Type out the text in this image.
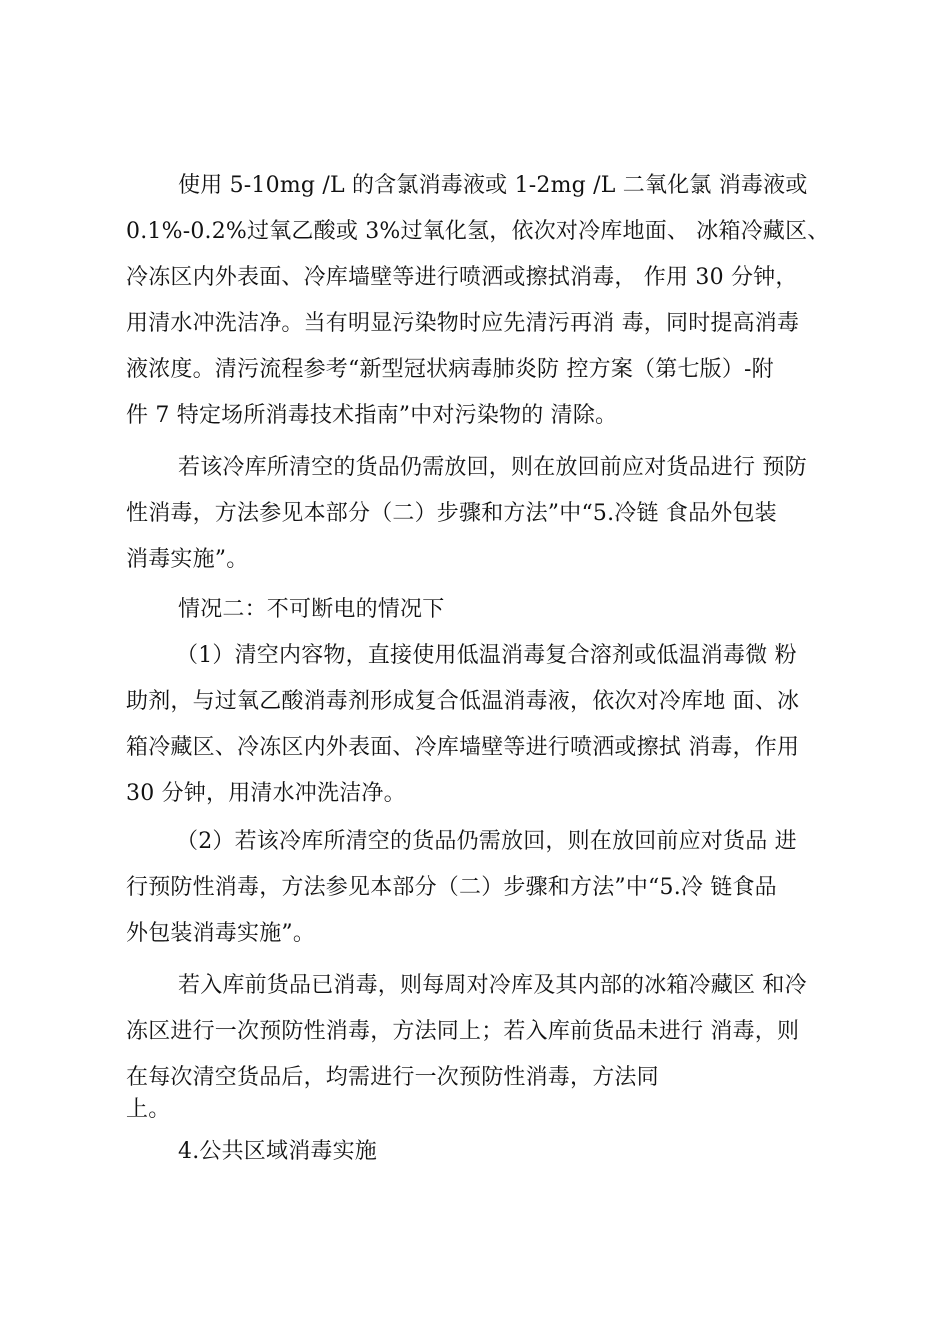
使用 5-10mg /L 的含氯消毒液或 1-2mg /L 二氧化氯 消毒液或
0.1%-0.2%过氧乙酸或 3%过氧化氢，依次对冷库地面、 冰箱冷藏区、
冷冻区内外表面、冷库墙壁等进行喷洒或擦拭消毒， 作用 30 分钟，
用清水冲洗洁净。当有明显污染物时应先清污再消 毒，同时提高消毒
液浓度。清污流程参考“新型冠状病毒肺炎防 控方案（第七版）-附
件 7 特定场所消毒技术指南”中对污染物的 清除。
若该冷库所清空的货品仍需放回，则在放回前应对货品进行 预防
性消毒，方法参见本部分（二）步骤和方法”中“5.冷链 食品外包装
消毒实施”。
情况二：不可断电的情况下
（1）清空内容物，直接使用低温消毒复合溶剂或低温消毒微 粉
助剂，与过氧乙酸消毒剂形成复合低温消毒液，依次对冷库地 面、冰
箱冷藏区、冷冻区内外表面、冷库墙壁等进行喷洒或擦拭 消毒，作用
30 分钟，用清水冲洗洁净。
（2）若该冷库所清空的货品仍需放回，则在放回前应对货品 进
行预防性消毒，方法参见本部分（二）步骤和方法”中“5.冷 链食品
外包装消毒实施”。
若入库前货品已消毒，则每周对冷库及其内部的冰箱冷藏区 和冷
冻区进行一次预防性消毒，方法同上；若入库前货品未进行 消毒，则
在每次清空货品后，均需进行一次预防性消毒，方法同
上。
4.公共区域消毒实施
